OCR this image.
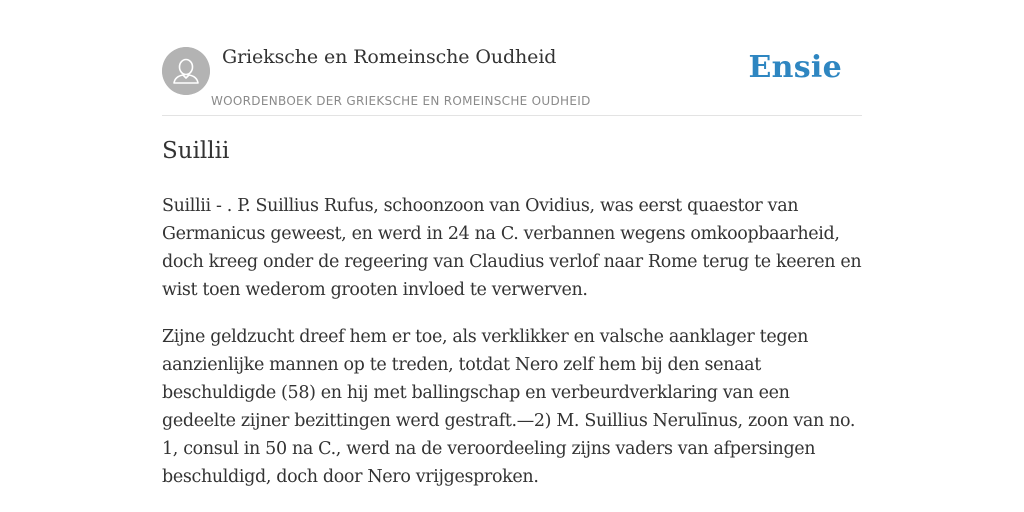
Grieksche en Romeinsche Oudheid
WOORDENBOEK DER GRIEKSCHE EN ROMEINSCHE OUDHEID
Ensie
Suillii

Suillii - . P. Suillius Rufus, schoonzoon van Ovidius, was eerst quaestor van Germanicus geweest, en werd in 24 na C. verbannen wegens omkoopbaarheid, doch kreeg onder de regeering van Claudius verlof naar Rome terug te keeren en wist toen wederom grooten invloed te verwerven.

Zijne geldzucht dreef hem er toe, als verklikker en valsche aanklager tegen aanzienlijke mannen op te treden, totdat Nero zelf hem bij den senaat beschuldigde (58) en hij met ballingschap en verbeurdverklaring van een gedeelte zijner bezittingen werd gestraft.—2) M. Suillius Nerulīnus, zoon van no. 1, consul in 50 na C., werd na de veroordeeling zijns vaders van afpersingen beschuldigd, doch door Nero vrijgesproken.
